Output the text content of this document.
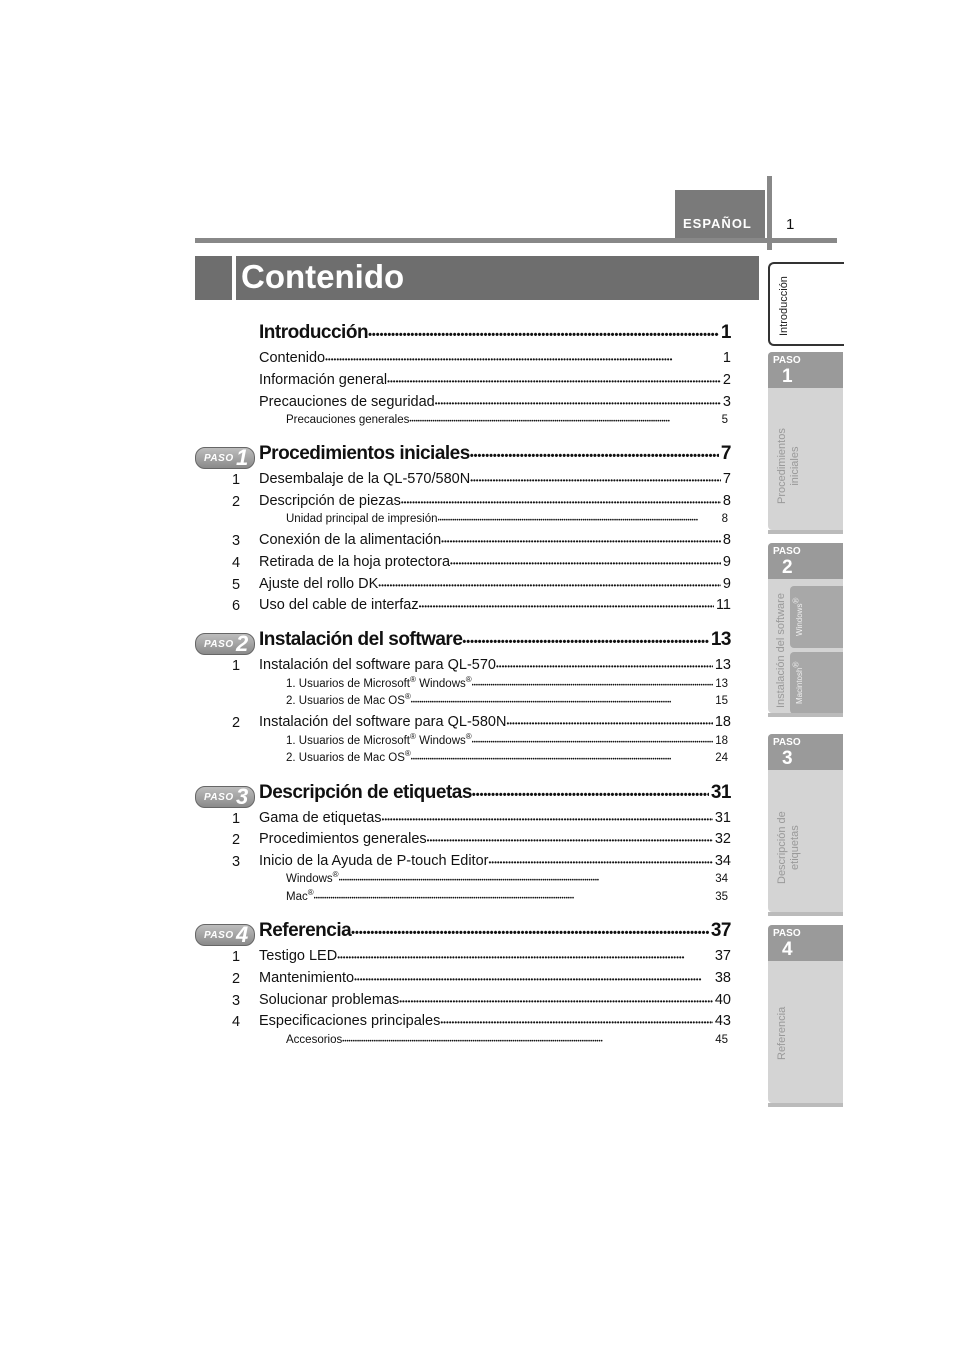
ESPAÑOL 1
Contenido
Introducción •••••	1
Contenido •••••	1
Información general •••••	2
Precauciones de seguridad •••••	3
Precauciones generales •••••	5
PASO 1 Procedimientos iniciales •••••	7
1 Desembalaje de la QL-570/580N •••••	7
2 Descripción de piezas •••••	8
Unidad principal de impresión •••••	8
3 Conexión de la alimentación •••••	8
4 Retirada de la hoja protectora •••••	9
5 Ajuste del rollo DK •••••	9
6 Uso del cable de interfaz •••••	11
PASO 2 Instalación del software •••••	13
1 Instalación del software para QL-570 •••••	13
1. Usuarios de Microsoft® Windows® •••••	13
2. Usuarios de Mac OS® •••••	15
2 Instalación del software para QL-580N •••••	18
1. Usuarios de Microsoft® Windows® •••••	18
2. Usuarios de Mac OS® •••••	24
PASO 3 Descripción de etiquetas •••••	31
1 Gama de etiquetas •••••	31
2 Procedimientos generales •••••	32
3 Inicio de la Ayuda de P-touch Editor •••••	34
Windows® •••••	34
Mac® •••••	35
PASO 4 Referencia •••••	37
1 Testigo LED •••••	37
2 Mantenimiento •••••	38
3 Solucionar problemas •••••	40
4 Especificaciones principales •••••	43
Accesorios •••••	45
Introducción
PASO
1
Procedimientos
iniciales
PASO
2
Instalación del software Windows®
Macintosh®
PASO
3
Descripción de
etiquetas
PASO
4
Referencia
